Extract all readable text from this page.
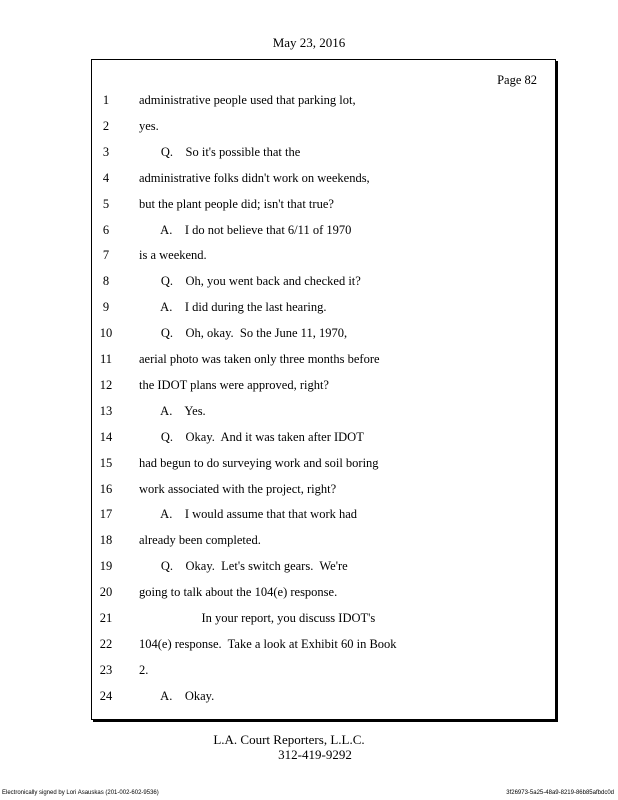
May 23, 2016
Page 82
1	administrative people used that parking lot,
2	yes.
3	Q.    So it's possible that the
4	administrative folks didn't work on weekends,
5	but the plant people did; isn't that true?
6	A.    I do not believe that 6/11 of 1970
7	is a weekend.
8	Q.    Oh, you went back and checked it?
9	A.    I did during the last hearing.
10	Q.    Oh, okay.  So the June 11, 1970,
11	aerial photo was taken only three months before
12	the IDOT plans were approved, right?
13	A.    Yes.
14	Q.    Okay.  And it was taken after IDOT
15	had begun to do surveying work and soil boring
16	work associated with the project, right?
17	A.    I would assume that that work had
18	already been completed.
19	Q.    Okay.  Let's switch gears.  We're
20	going to talk about the 104(e) response.
21	In your report, you discuss IDOT's
22	104(e) response.  Take a look at Exhibit 60 in Book
23	2.
24	A.    Okay.
L.A. Court Reporters, L.L.C.
312-419-9292
Electronically signed by Lori Asauskas (201-002-602-9536)	3f26973-5a25-48a9-8219-86b85afbdc0d
